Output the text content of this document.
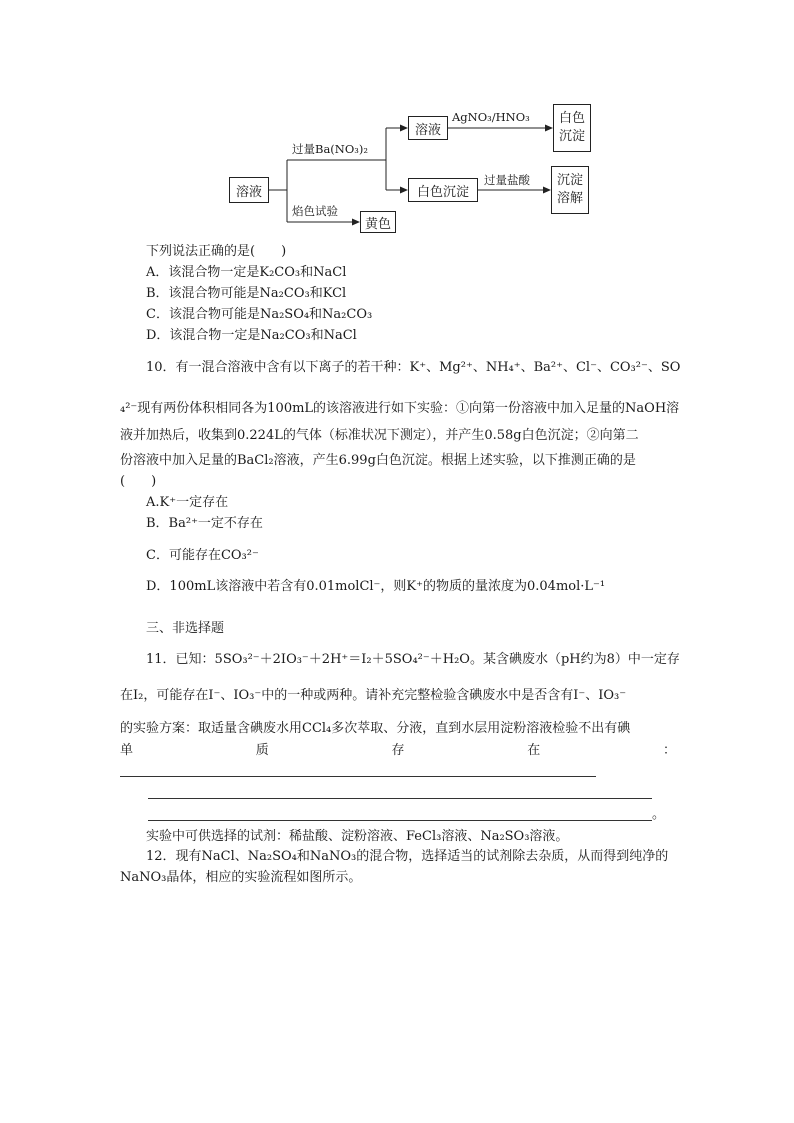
溶液
过量Ba(NO₃)₂
焰色试验
溶液
AgNO₃/HNO₃ 白色
沉淀
白色沉淀
过量盐酸 沉淀
溶解
黄色
下列说法正确的是(　　)
A．该混合物一定是K₂CO₃和NaCl
B．该混合物可能是Na₂CO₃和KCl
C．该混合物可能是Na₂SO₄和Na₂CO₃
D．该混合物一定是Na₂CO₃和NaCl
10．有一混合溶液中含有以下离子的若干种：K⁺、Mg²⁺、NH₄⁺、Ba²⁺、Cl⁻、CO₃²⁻、SO
₄²⁻现有两份体积相同各为100mL的该溶液进行如下实验：①向第一份溶液中加入足量的NaOH溶
液并加热后，收集到0.224L的气体（标准状况下测定），并产生0.58g白色沉淀；②向第二
份溶液中加入足量的BaCl₂溶液，产生6.99g白色沉淀。根据上述实验，以下推测正确的是
(　　)
A.K⁺一定存在
B．Ba²⁺一定不存在
C．可能存在CO₃²⁻
D．100mL该溶液中若含有0.01molCl⁻，则K⁺的物质的量浓度为0.04mol·L⁻¹
三、非选择题
11．已知：5SO₃²⁻＋2IO₃⁻＋2H⁺＝I₂＋5SO₄²⁻＋H₂O。某含碘废水（pH约为8）中一定存
在I₂，可能存在I⁻、IO₃⁻中的一种或两种。请补充完整检验含碘废水中是否含有I⁻、IO₃⁻
的实验方案：取适量含碘废水用CCl₄多次萃取、分液，直到水层用淀粉溶液检验不出有碘
单	质	存	在	：
。
实验中可供选择的试剂：稀盐酸、淀粉溶液、FeCl₃溶液、Na₂SO₃溶液。
12．现有NaCl、Na₂SO₄和NaNO₃的混合物，选择适当的试剂除去杂质，从而得到纯净的
NaNO₃晶体，相应的实验流程如图所示。
